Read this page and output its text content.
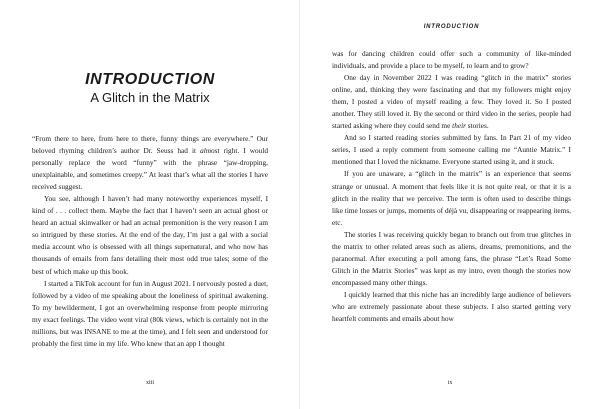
INTRODUCTION
A Glitch in the Matrix

“From there to here, from here to there, funny things are everywhere.” Our beloved rhyming children’s author Dr. Seuss had it almost right. I would personally replace the word “funny” with the phrase “jaw-dropping, unexplainable, and sometimes creepy.” At least that’s what all the stories I have received suggest.

You see, although I haven’t had many noteworthy experiences myself, I kind of . . . collect them. Maybe the fact that I haven’t seen an actual ghost or heard an actual skinwalker or had an actual premonition is the very reason I am so intrigued by these stories. At the end of the day, I’m just a gal with a social media account who is obsessed with all things supernatural, and who now has thousands of emails from fans detailing their most odd true tales; some of the best of which make up this book.

I started a TikTok account for fun in August 2021. I nervously posted a duet, followed by a video of me speaking about the loneliness of spiritual awakening. To my bewilderment, I got an overwhelming response from people mirroring my exact feelings. The video went viral (80k views, which is certainly not in the millions, but was INSANE to me at the time), and I felt seen and understood for probably the first time in my life. Who knew that an app I thought

xiii
INTRODUCTION

was for dancing children could offer such a community of like-minded individuals, and provide a place to be myself, to learn and to grow?

One day in November 2022 I was reading “glitch in the matrix” stories online, and, thinking they were fascinating and that my followers might enjoy them, I posted a video of myself reading a few. They loved it. So I posted another. They still loved it. By the second or third video in the series, people had started asking where they could send me their stories.

And so I started reading stories submitted by fans. In Part 21 of my video series, I used a reply comment from someone calling me “Auntie Matrix.” I mentioned that I loved the nickname. Everyone started using it, and it stuck.

If you are unaware, a “glitch in the matrix” is an experience that seems strange or unusual. A moment that feels like it is not quite real, or that it is a glitch in the reality that we perceive. The term is often used to describe things like time losses or jumps, moments of déjà vu, disappearing or reappearing items, etc.

The stories I was receiving quickly began to branch out from true glitches in the matrix to other related areas such as aliens, dreams, premonitions, and the paranormal. After executing a poll among fans, the phrase “Let’s Read Some Glitch in the Matrix Stories” was kept as my intro, even though the stories now encompassed many other things.

I quickly learned that this niche has an incredibly large audience of believers who are extremely passionate about these subjects. I also started getting very heartfelt comments and emails about how

ix
